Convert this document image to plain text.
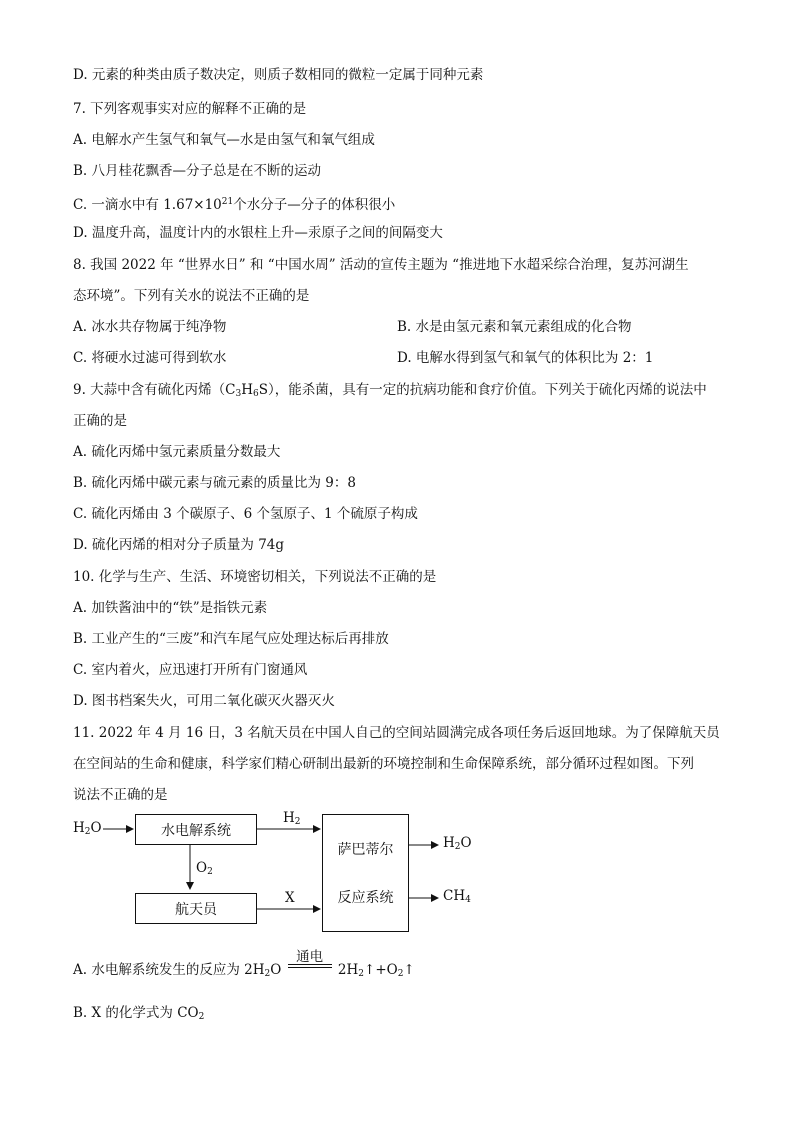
D. 元素的种类由质子数决定，则质子数相同的微粒一定属于同种元素
7. 下列客观事实对应的解释不正确的是
A. 电解水产生氢气和氧气—水是由氢气和氧气组成
B. 八月桂花飘香—分子总是在不断的运动
C. 一滴水中有 $1.67\times 10^{21}$个水分子—分子的体积很小
D. 温度升高，温度计内的水银柱上升—汞原子之间的间隔变大
8. 我国 2022 年 “世界水日” 和 “中国水周” 活动的宣传主题为 “推进地下水超采综合治理，复苏河湖生
态环境”。下列有关水的说法不正确的是
A. 冰水共存物属于纯净物	B. 水是由氢元素和氧元素组成的化合物
C. 将硬水过滤可得到软水	D. 电解水得到氢气和氧气的体积比为 2：1
9. 大蒜中含有硫化丙烯$(C_3H_6S)$，能杀菌，具有一定的抗病功能和食疗价值。下列关于硫化丙烯的说法中
正确的是
A. 硫化丙烯中氢元素质量分数最大
B. 硫化丙烯中碳元素与硫元素的质量比为 9：8
C. 硫化丙烯由 3 个碳原子、6 个氢原子、1 个硫原子构成
D. 硫化丙烯的相对分子质量为 74g
10. 化学与生产、生活、环境密切相关，下列说法不正确的是
A. 加铁酱油中的“铁”是指铁元素
B. 工业产生的“三废”和汽车尾气应处理达标后再排放
C. 室内着火，应迅速打开所有门窗通风
D. 图书档案失火，可用二氧化碳灭火器灭火
11. 2022 年 4 月 16 日，3 名航天员在中国人自己的空间站圆满完成各项任务后返回地球。为了保障航天员
在空间站的生命和健康，科学家们精心研制出最新的环境控制和生命保障系统，部分循环过程如图。下列
说法不正确的是
$H_2O$	水电解系统
航天员
萨巴蒂尔
反应系统
$H_2$
$O_2$
X
$H_2O$
$CH_4$
A. 水电解系统发生的反应为 $2H_2O$
通电
$2H_2↑+O_2↑$
B. X 的化学式为 $CO_2$
